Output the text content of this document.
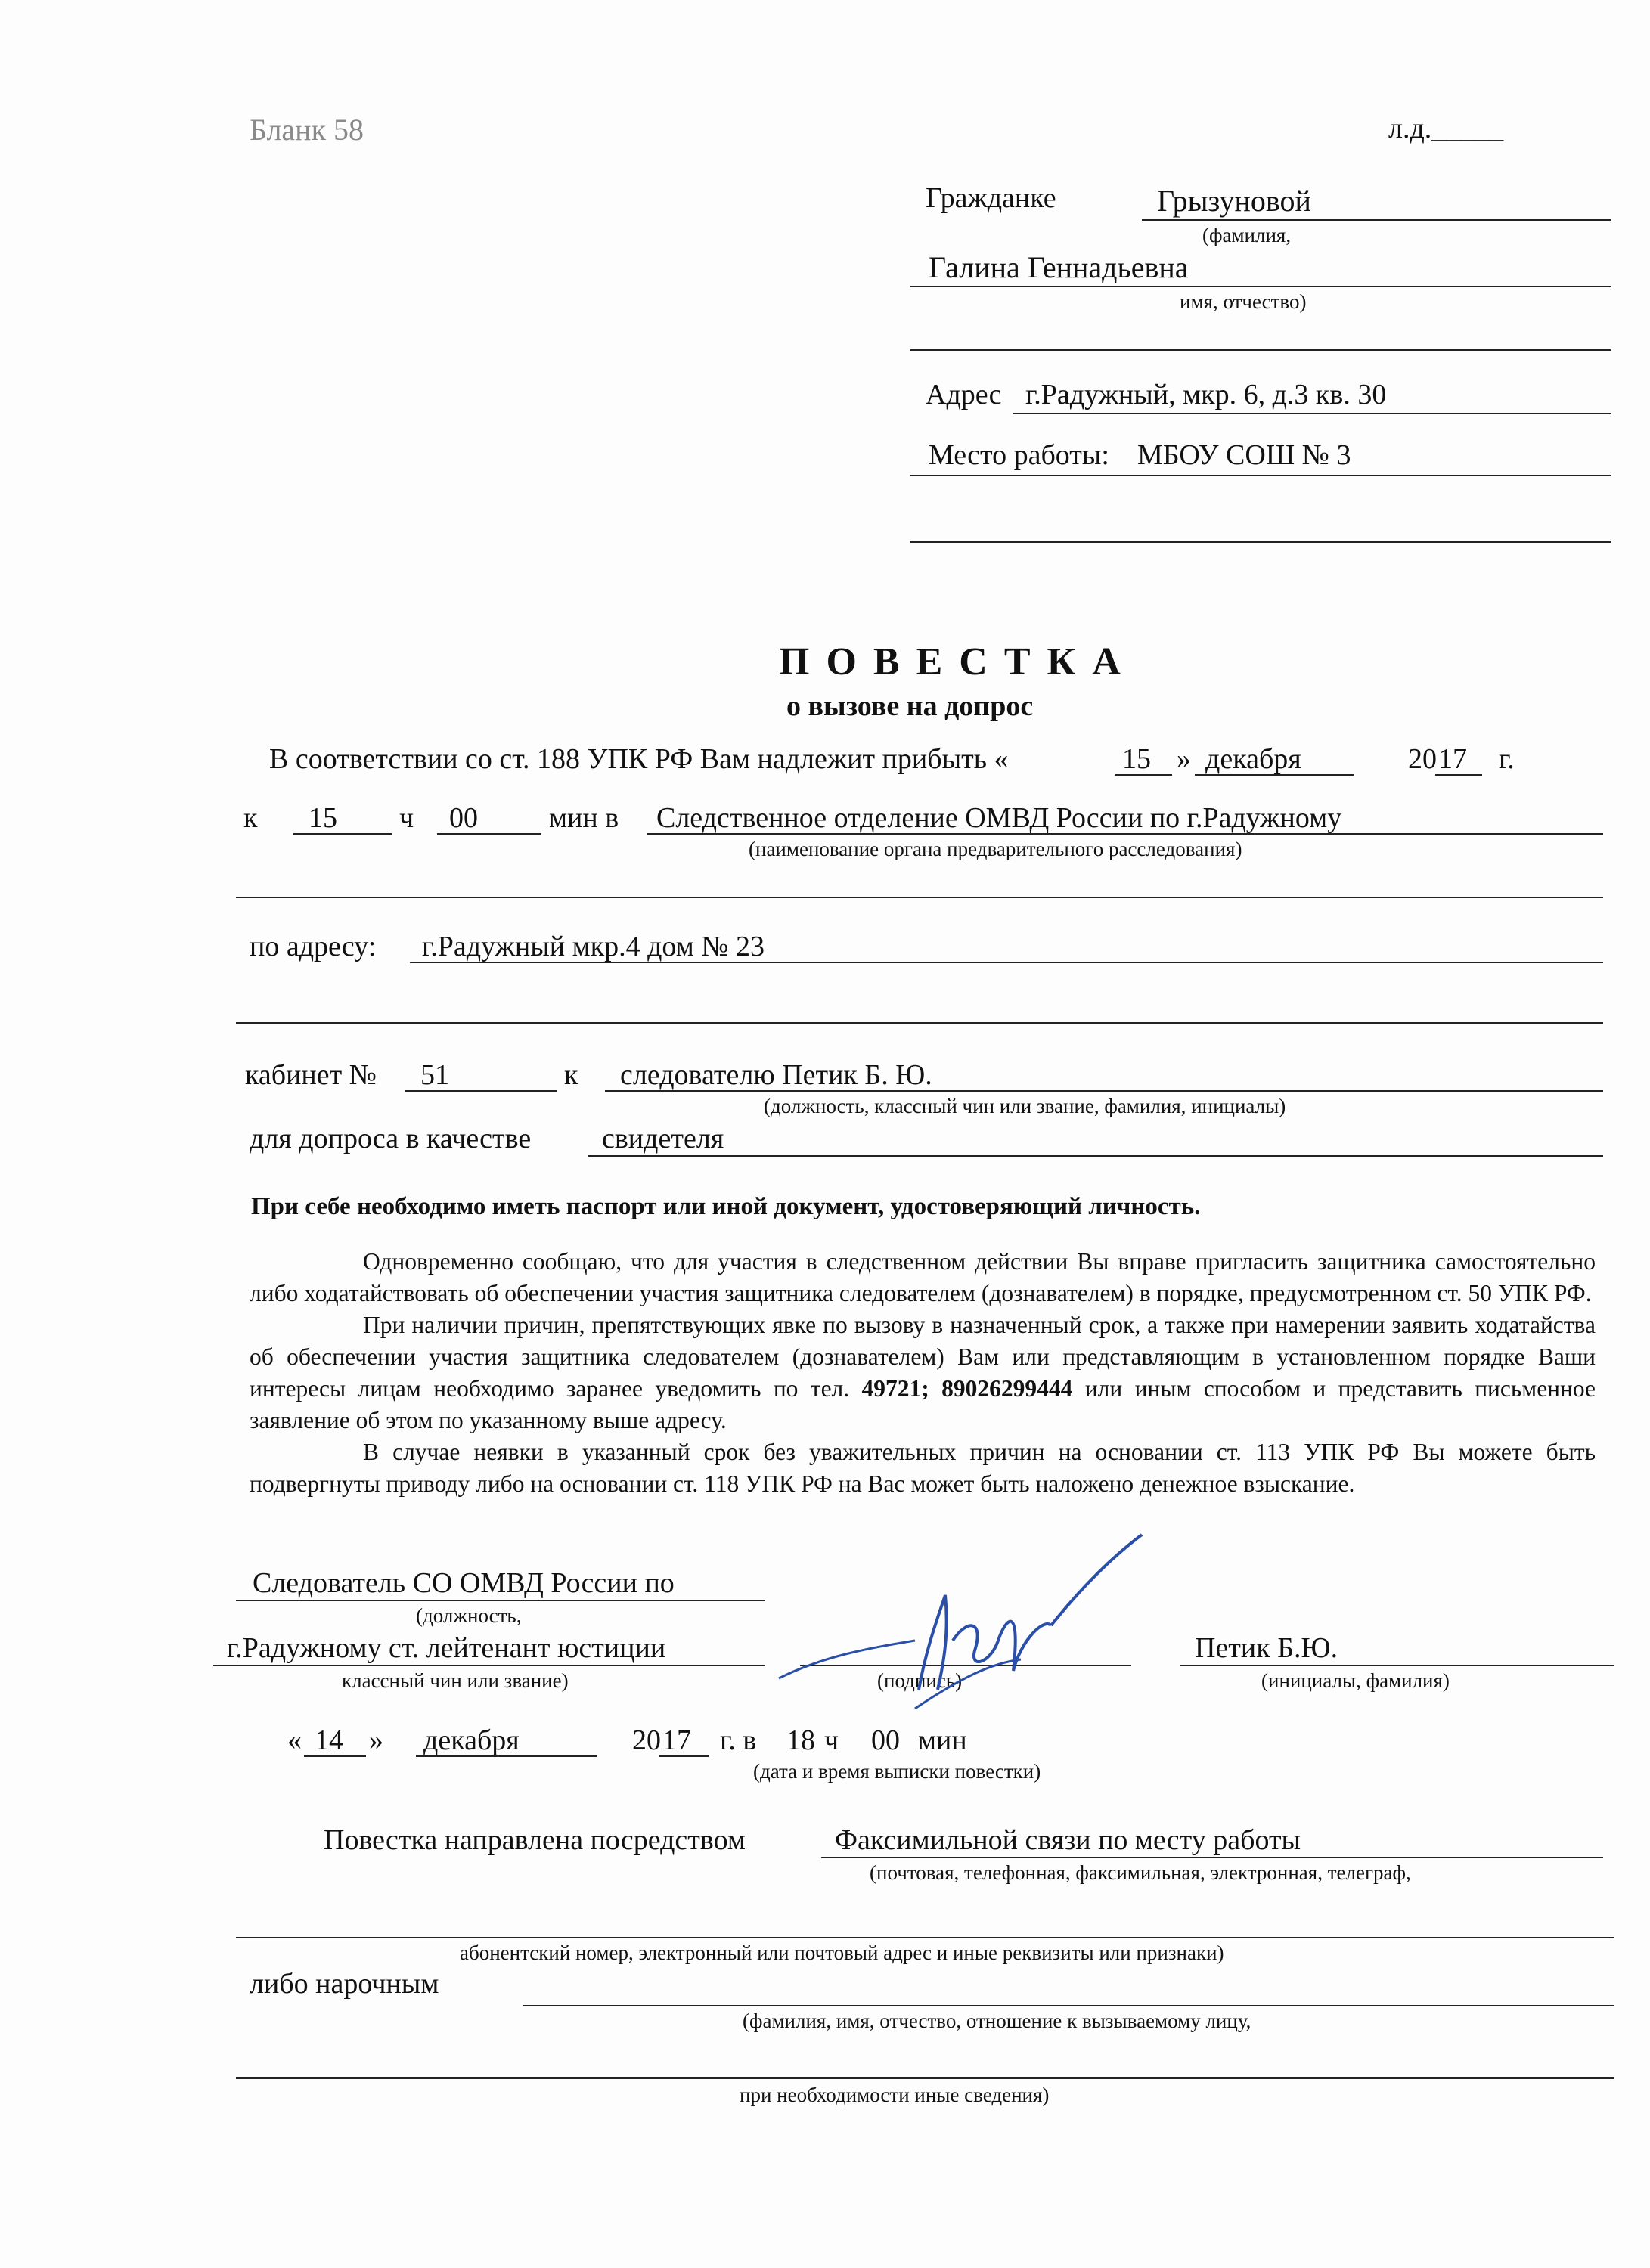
Бланк 58	л.д._____
Гражданке	Грызуновой
(фамилия,
Галина Геннадьевна
имя, отчество)
Адрес г.Радужный, мкр. 6, д.3 кв. 30
Место работы: МБОУ СОШ № 3
ПОВЕСТКА
о вызове на допрос
В соответствии со ст. 188 УПК РФ Вам надлежит прибыть «	15 » декабря	20 17 г.
к 15 ч 00 мин в Следственное отделение ОМВД России по г.Радужному
(наименование органа предварительного расследования)
по адресу: г.Радужный мкр.4 дом № 23
кабинет № 51	к следователю Петик Б. Ю.
(должность, классный чин или звание, фамилия, инициалы)
для допроса в качестве свидетеля
При себе необходимо иметь паспорт или иной документ, удостоверяющий личность.

Одновременно сообщаю, что для участия в следственном действии Вы вправе пригласить защитника самостоятельно либо ходатайствовать об обеспечении участия защитника следователем (дознавателем) в порядке, предусмотренном ст. 50 УПК РФ.

При наличии причин, препятствующих явке по вызову в назначенный срок, а также при намерении заявить ходатайства об обеспечении участия защитника следователем (дознавателем) Вам или представляющим в установленном порядке Ваши интересы лицам необходимо заранее уведомить по тел. 49721; 89026299444 или иным способом и представить письменное заявление об этом по указанному выше адресу.

В случае неявки в указанный срок без уважительных причин на основании ст. 113 УПК РФ Вы можете быть подвергнуты приводу либо на основании ст. 118 УПК РФ на Вас может быть наложено денежное взыскание.

Следователь СО ОМВД России по
(должность,
г.Радужному ст. лейтенант юстиции
классный чин или звание)	(подпись)
Петик Б.Ю.
(инициалы, фамилия)
« 14 » декабря	20 17 г. в 18 ч 00 мин
(дата и время выписки повестки)
Повестка направлена посредством	Факсимильной связи по месту работы
(почтовая, телефонная, факсимильная, электронная, телеграф,
абонентский номер, электронный или почтовый адрес и иные реквизиты или признаки)
либо нарочным
(фамилия, имя, отчество, отношение к вызываемому лицу,
при необходимости иные сведения)
